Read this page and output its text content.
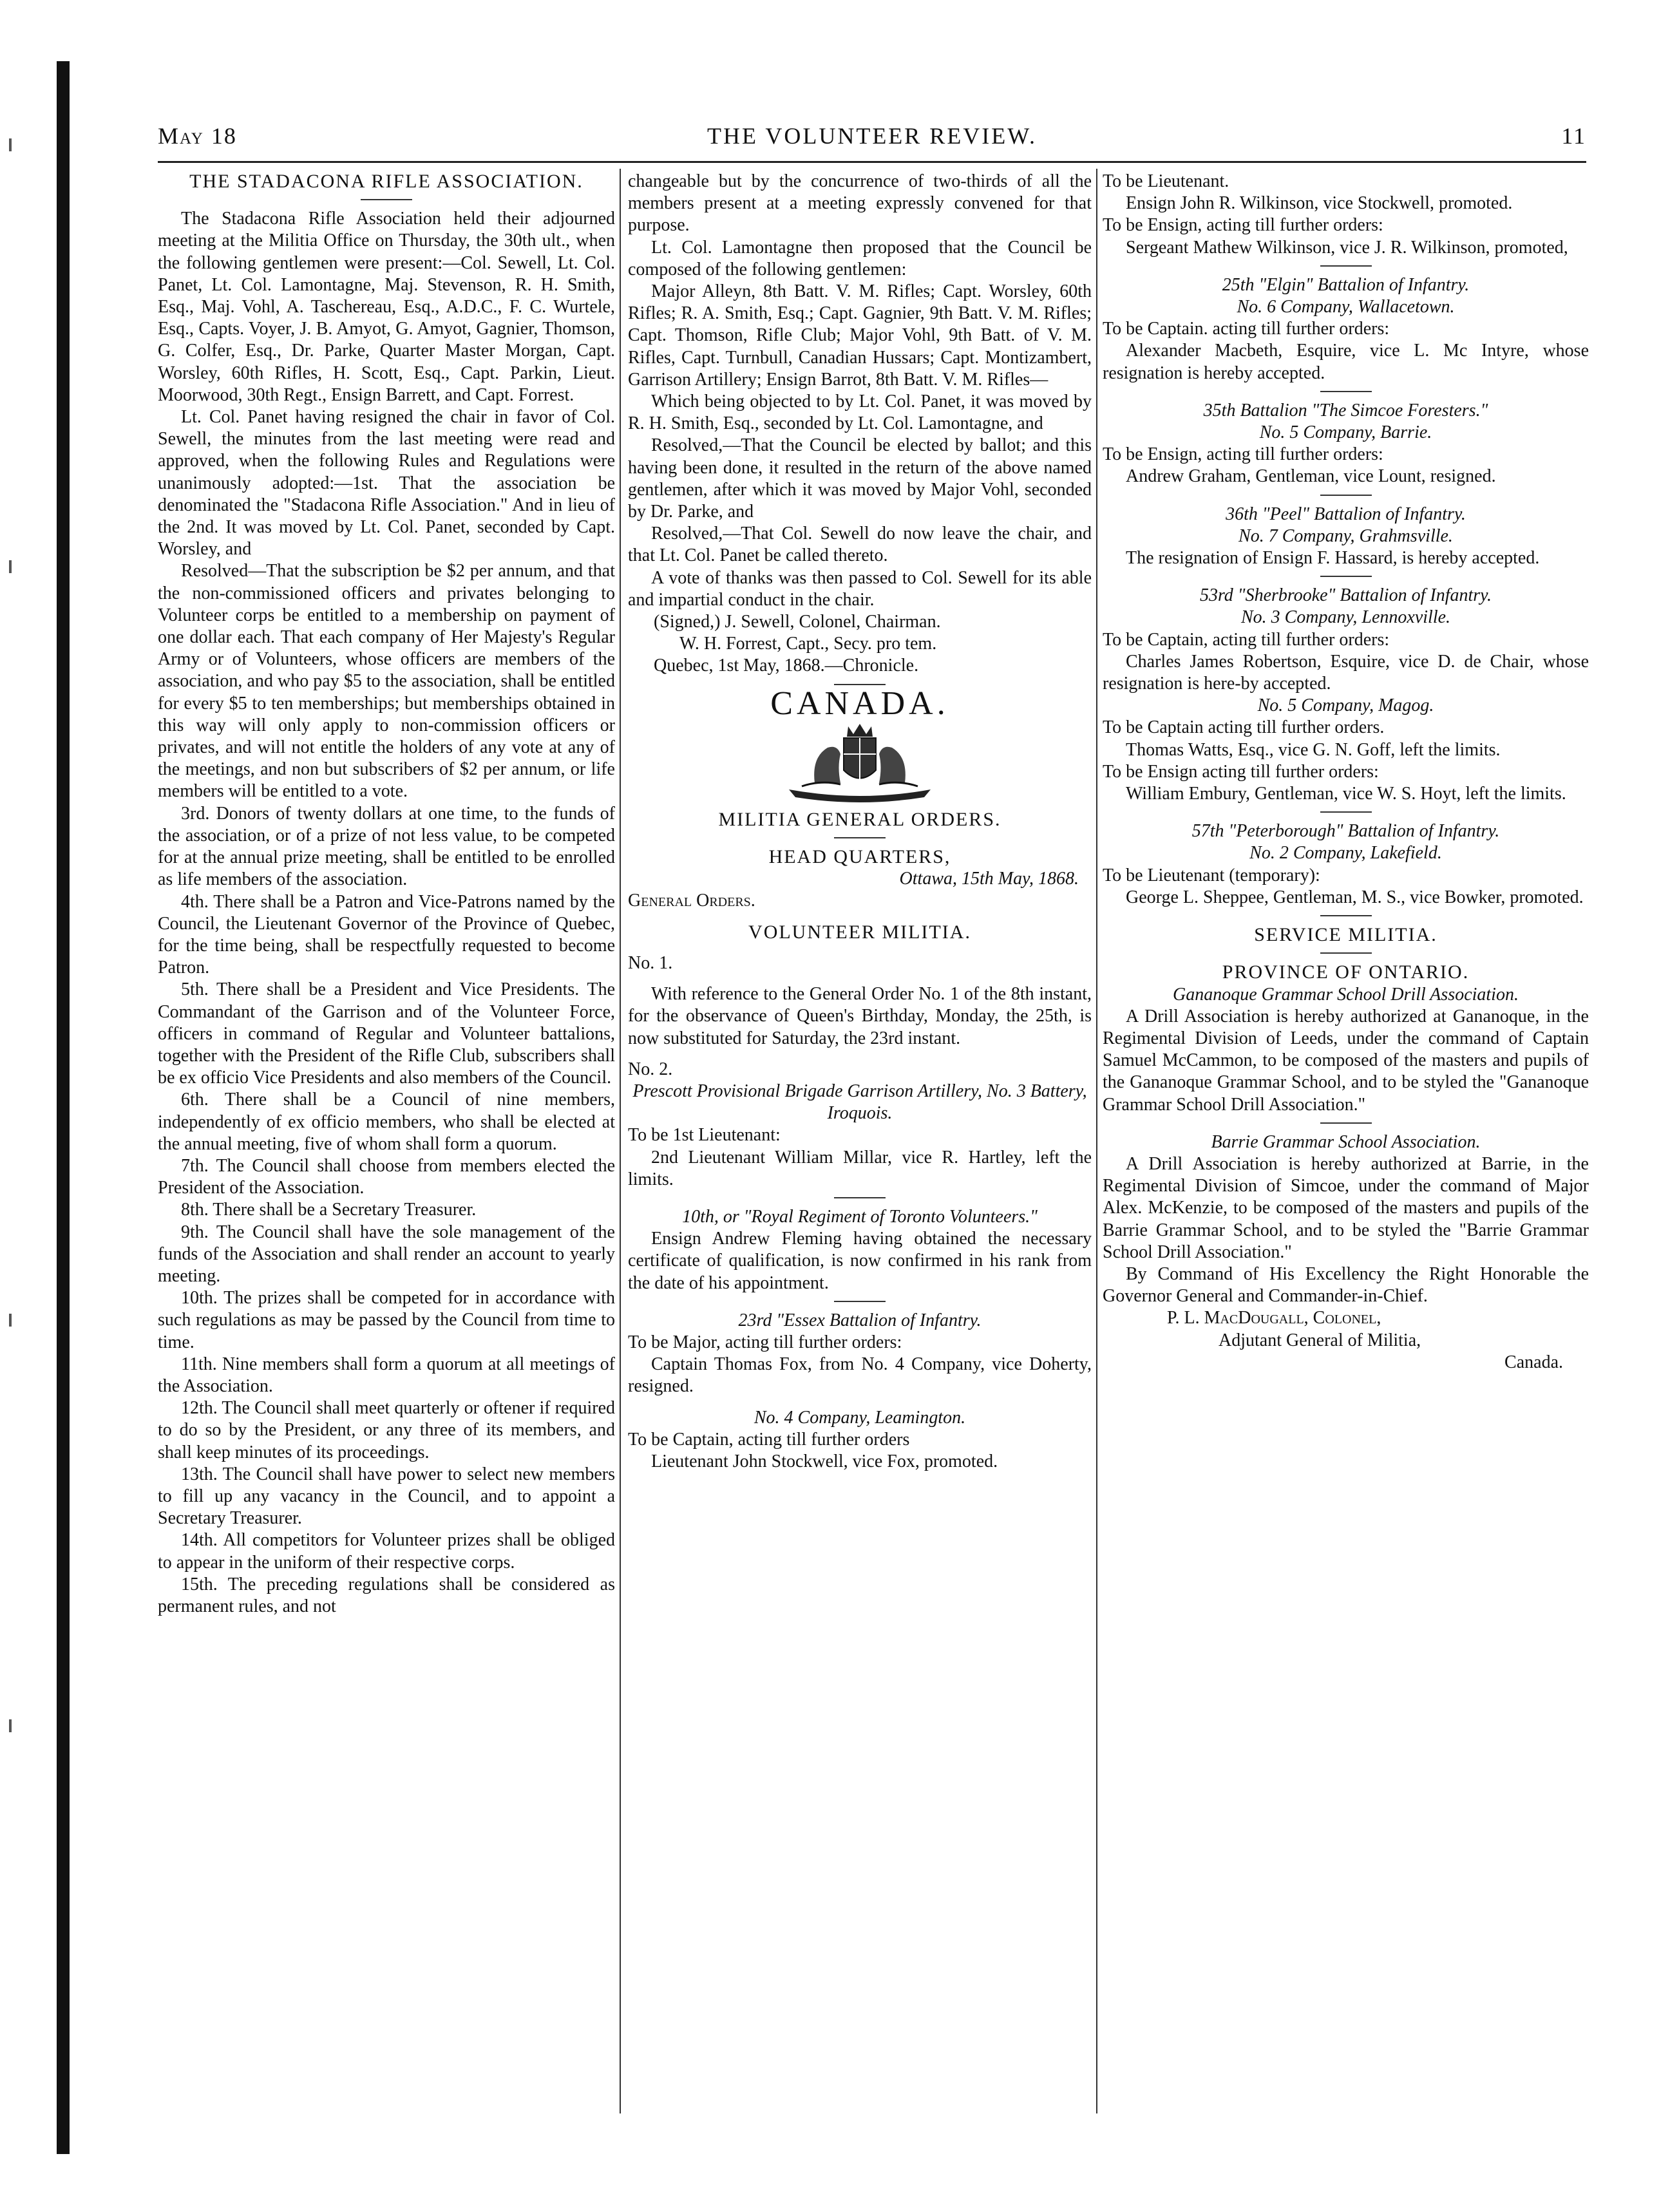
May 18	THE VOLUNTEER REVIEW.	11

THE STADACONA RIFLE ASSOCIATION.

The Stadacona Rifle Association held their adjourned meeting at the Militia Office on Thursday, the 30th ult., when the following gentlemen were present:—Col. Sewell, Lt. Col. Panet, Lt. Col. Lamontagne, Maj. Stevenson, R. H. Smith, Esq., Maj. Vohl, A. Taschereau, Esq., A.D.C., F. C. Wurtele, Esq., Capts. Voyer, J. B. Amyot, G. Amyot, Gagnier, Thomson, G. Colfer, Esq., Dr. Parke, Quarter Master Morgan, Capt. Worsley, 60th Rifles, H. Scott, Esq., Capt. Parkin, Lieut. Moorwood, 30th Regt., Ensign Barrett, and Capt. Forrest.

Lt. Col. Panet having resigned the chair in favor of Col. Sewell, the minutes from the last meeting were read and approved, when the following Rules and Regulations were unanimously adopted:—1st. That the association be denominated the "Stadacona Rifle Association." And in lieu of the 2nd. It was moved by Lt. Col. Panet, seconded by Capt. Worsley, and

Resolved—That the subscription be $2 per annum, and that the non-commissioned officers and privates belonging to Volunteer corps be entitled to a membership on payment of one dollar each. That each company of Her Majesty's Regular Army or of Volunteers, whose officers are members of the association, and who pay $5 to the association, shall be entitled for every $5 to ten memberships; but memberships obtained in this way will only apply to non-commission officers or privates, and will not entitle the holders of any vote at any of the meetings, and non but subscribers of $2 per annum, or life members will be entitled to a vote.

3rd. Donors of twenty dollars at one time, to the funds of the association, or of a prize of not less value, to be competed for at the annual prize meeting, shall be entitled to be enrolled as life members of the association.

4th. There shall be a Patron and Vice-Patrons named by the Council, the Lieutenant Governor of the Province of Quebec, for the time being, shall be respectfully requested to become Patron.

5th. There shall be a President and Vice Presidents. The Commandant of the Garrison and of the Volunteer Force, officers in command of Regular and Volunteer battalions, together with the President of the Rifle Club, subscribers shall be ex officio Vice Presidents and also members of the Council.

6th. There shall be a Council of nine members, independently of ex officio members, who shall be elected at the annual meeting, five of whom shall form a quorum.

7th. The Council shall choose from members elected the President of the Association.

8th. There shall be a Secretary Treasurer.

9th. The Council shall have the sole management of the funds of the Association and shall render an account to yearly meeting.

10th. The prizes shall be competed for in accordance with such regulations as may be passed by the Council from time to time.

11th. Nine members shall form a quorum at all meetings of the Association.

12th. The Council shall meet quarterly or oftener if required to do so by the President, or any three of its members, and shall keep minutes of its proceedings.

13th. The Council shall have power to select new members to fill up any vacancy in the Council, and to appoint a Secretary Treasurer.

14th. All competitors for Volunteer prizes shall be obliged to appear in the uniform of their respective corps.

15th. The preceding regulations shall be considered as permanent rules, and not

changeable but by the concurrence of two-thirds of all the members present at a meeting expressly convened for that purpose.

Lt. Col. Lamontagne then proposed that the Council be composed of the following gentlemen:

Major Alleyn, 8th Batt. V. M. Rifles; Capt. Worsley, 60th Rifles; R. A. Smith, Esq.; Capt. Gagnier, 9th Batt. V. M. Rifles; Capt. Thomson, Rifle Club; Major Vohl, 9th Batt. of V. M. Rifles, Capt. Turnbull, Canadian Hussars; Capt. Montizambert, Garrison Artillery; Ensign Barrot, 8th Batt. V. M. Rifles—

Which being objected to by Lt. Col. Panet, it was moved by R. H. Smith, Esq., seconded by Lt. Col. Lamontagne, and

Resolved,—That the Council be elected by ballot; and this having been done, it resulted in the return of the above named gentlemen, after which it was moved by Major Vohl, seconded by Dr. Parke, and

Resolved,—That Col. Sewell do now leave the chair, and that Lt. Col. Panet be called thereto.

A vote of thanks was then passed to Col. Sewell for its able and impartial conduct in the chair.

(Signed,) J. Sewell, Colonel, Chairman.

W. H. Forrest, Capt., Secy. pro tem.

Quebec, 1st May, 1868.—Chronicle.

CANADA.

MILITIA GENERAL ORDERS.

HEAD QUARTERS,

Ottawa, 15th May, 1868.

General Orders.

VOLUNTEER MILITIA.

No. 1.

With reference to the General Order No. 1 of the 8th instant, for the observance of Queen's Birthday, Monday, the 25th, is now substituted for Saturday, the 23rd instant.

No. 2.

Prescott Provisional Brigade Garrison Artillery, No. 3 Battery, Iroquois.

To be 1st Lieutenant:

2nd Lieutenant William Millar, vice R. Hartley, left the limits.

10th, or "Royal Regiment of Toronto Volunteers."

Ensign Andrew Fleming having obtained the necessary certificate of qualification, is now confirmed in his rank from the date of his appointment.

23rd "Essex Battalion of Infantry.

To be Major, acting till further orders:

Captain Thomas Fox, from No. 4 Company, vice Doherty, resigned.

No. 4 Company, Leamington.

To be Captain, acting till further orders

Lieutenant John Stockwell, vice Fox, promoted.

To be Lieutenant.

Ensign John R. Wilkinson, vice Stockwell, promoted.

To be Ensign, acting till further orders:

Sergeant Mathew Wilkinson, vice J. R. Wilkinson, promoted,

25th "Elgin" Battalion of Infantry.

No. 6 Company, Wallacetown.

To be Captain. acting till further orders:

Alexander Macbeth, Esquire, vice L. Mc Intyre, whose resignation is hereby accepted.

35th Battalion "The Simcoe Foresters."

No. 5 Company, Barrie.

To be Ensign, acting till further orders:

Andrew Graham, Gentleman, vice Lount, resigned.

36th "Peel" Battalion of Infantry.

No. 7 Company, Grahmsville.

The resignation of Ensign F. Hassard, is hereby accepted.

53rd "Sherbrooke" Battalion of Infantry.

No. 3 Company, Lennoxville.

To be Captain, acting till further orders:

Charles James Robertson, Esquire, vice D. de Chair, whose resignation is here-by accepted.

No. 5 Company, Magog.

To be Captain acting till further orders.

Thomas Watts, Esq., vice G. N. Goff, left the limits.

To be Ensign acting till further orders:

William Embury, Gentleman, vice W. S. Hoyt, left the limits.

57th "Peterborough" Battalion of Infantry.

No. 2 Company, Lakefield.

To be Lieutenant (temporary):

George L. Sheppee, Gentleman, M. S., vice Bowker, promoted.

SERVICE MILITIA.

PROVINCE OF ONTARIO.

Gananoque Grammar School Drill Association.

A Drill Association is hereby authorized at Gananoque, in the Regimental Division of Leeds, under the command of Captain Samuel McCammon, to be composed of the masters and pupils of the Gananoque Grammar School, and to be styled the "Gananoque Grammar School Drill Association."

Barrie Grammar School Association.

A Drill Association is hereby authorized at Barrie, in the Regimental Division of Simcoe, under the command of Major Alex. McKenzie, to be composed of the masters and pupils of the Barrie Grammar School, and to be styled the "Barrie Grammar School Drill Association."

By Command of His Excellency the Right Honorable the Governor General and Commander-in-Chief.

P. L. MacDougall, Colonel,

Adjutant General of Militia,

Canada.
